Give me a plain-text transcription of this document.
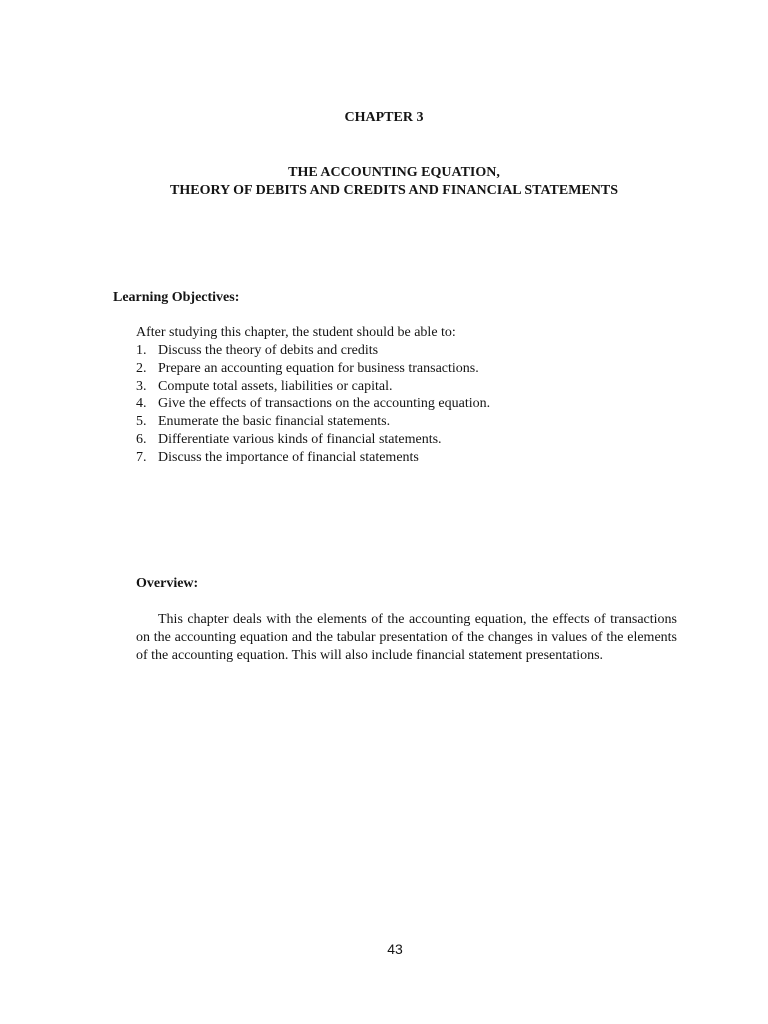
CHAPTER 3
THE ACCOUNTING EQUATION,
THEORY OF DEBITS AND CREDITS AND FINANCIAL STATEMENTS
Learning Objectives:

After studying this chapter, the student should be able to:

1. Discuss the theory of debits and credits
2. Prepare an accounting equation for business transactions.
3. Compute total assets, liabilities or capital.
4. Give the effects of transactions on the accounting equation.
5. Enumerate the basic financial statements.
6. Differentiate various kinds of financial statements.
7. Discuss the importance of financial statements
Overview:

This chapter deals with the elements of the accounting equation, the effects of transactions on the accounting equation and the tabular presentation of the changes in values of the elements of the accounting equation. This will also include financial statement presentations.

43
